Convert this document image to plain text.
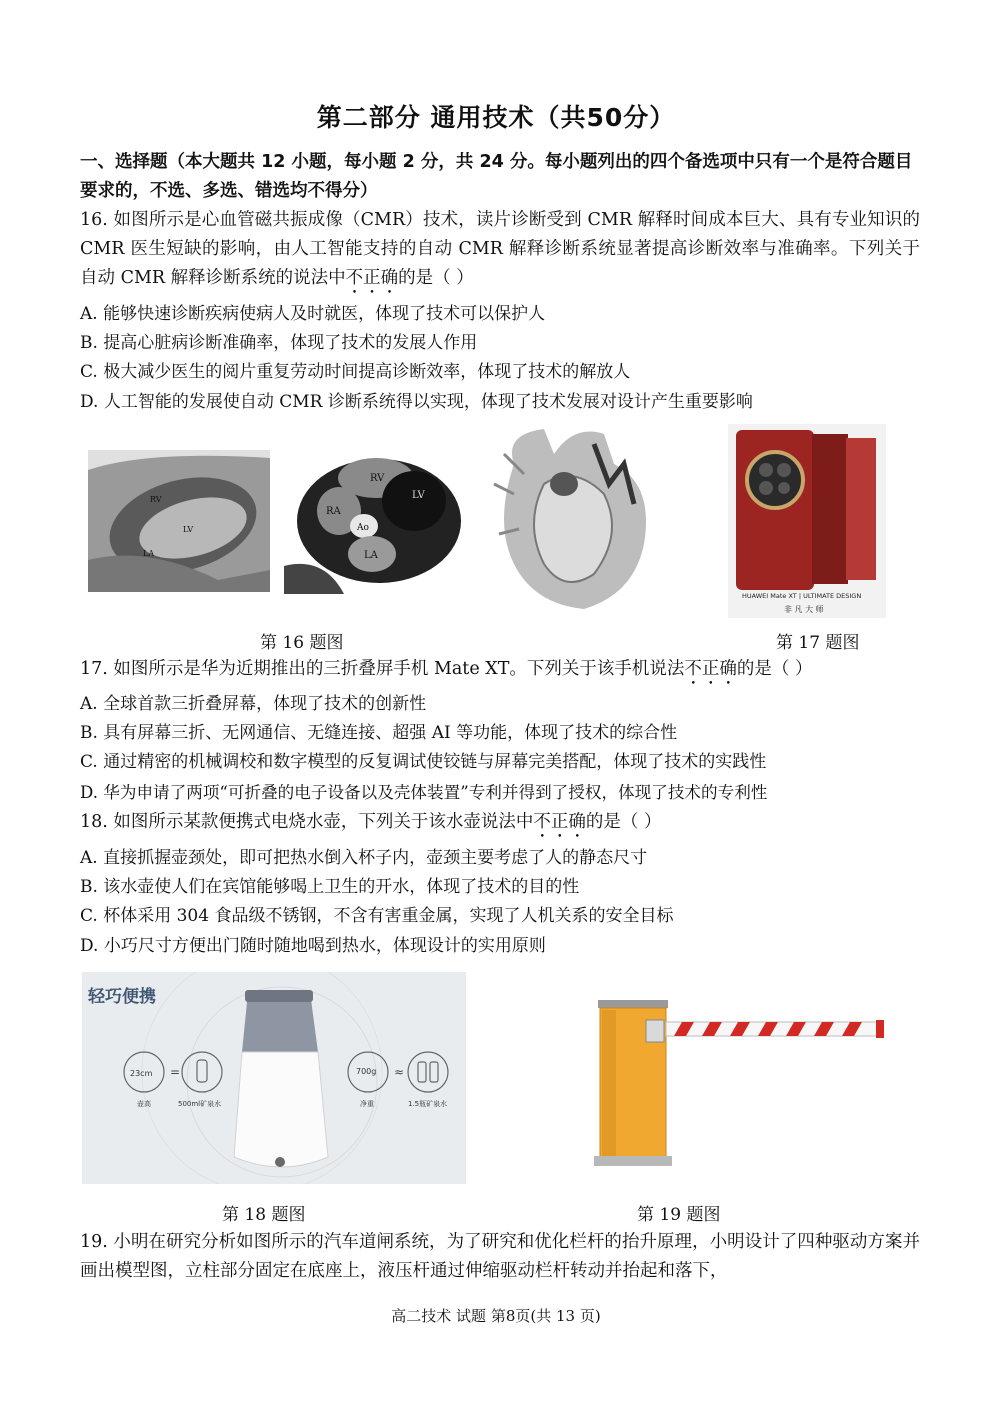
第二部分 通用技术（共50分）
一、选择题（本大题共 12 小题，每小题 2 分，共 24 分。每小题列出的四个备选项中只有一个是符合题目要求的，不选、多选、错选均不得分）
16. 如图所示是心血管磁共振成像（CMR）技术，读片诊断受到 CMR 解释时间成本巨大、具有专业知识的 CMR 医生短缺的影响，由人工智能支持的自动 CMR 解释诊断系统显著提高诊断效率与准确率。下列关于自动 CMR 解释诊断系统的说法中不正确的是（ ）
A. 能够快速诊断疾病使病人及时就医，体现了技术可以保护人
B. 提高心脏病诊断准确率，体现了技术的发展人作用
C. 极大减少医生的阅片重复劳动时间提高诊断效率，体现了技术的解放人
D. 人工智能的发展使自动 CMR 诊断系统得以实现，体现了技术发展对设计产生重要影响
RV
LV
LA
RV
LV
RA
Ao
LA
HUAWEI Mate XT | ULTIMATE DESIGN
非 凡 大 师
第 16 题图	第 17 题图
17. 如图所示是华为近期推出的三折叠屏手机 Mate XT。下列关于该手机说法不正确的是（ ）
A. 全球首款三折叠屏幕，体现了技术的创新性
B. 具有屏幕三折、无网通信、无缝连接、超强 AI 等功能，体现了技术的综合性
C. 通过精密的机械调校和数字模型的反复调试使铰链与屏幕完美搭配，体现了技术的实践性
D. 华为申请了两项“可折叠的电子设备以及壳体装置”专利并得到了授权，体现了技术的专利性
18. 如图所示某款便携式电烧水壶，下列关于该水壶说法中不正确的是（ ）
A. 直接抓握壶颈处，即可把热水倒入杯子内，壶颈主要考虑了人的静态尺寸
B. 该水壶使人们在宾馆能够喝上卫生的开水，体现了技术的目的性
C. 杯体采用 304 食品级不锈钢，不含有害重金属，实现了人机关系的安全目标
D. 小巧尺寸方便出门随时随地喝到热水，体现设计的实用原则
轻巧便携
23cm
壶高
=
500ml矿泉水
700g
净重
≈
1.5瓶矿泉水
第 18 题图	第 19 题图
19. 小明在研究分析如图所示的汽车道闸系统，为了研究和优化栏杆的抬升原理，小明设计了四种驱动方案并画出模型图，立柱部分固定在底座上，液压杆通过伸缩驱动栏杆转动并抬起和落下，
高二技术 试题 第8页(共 13 页)
